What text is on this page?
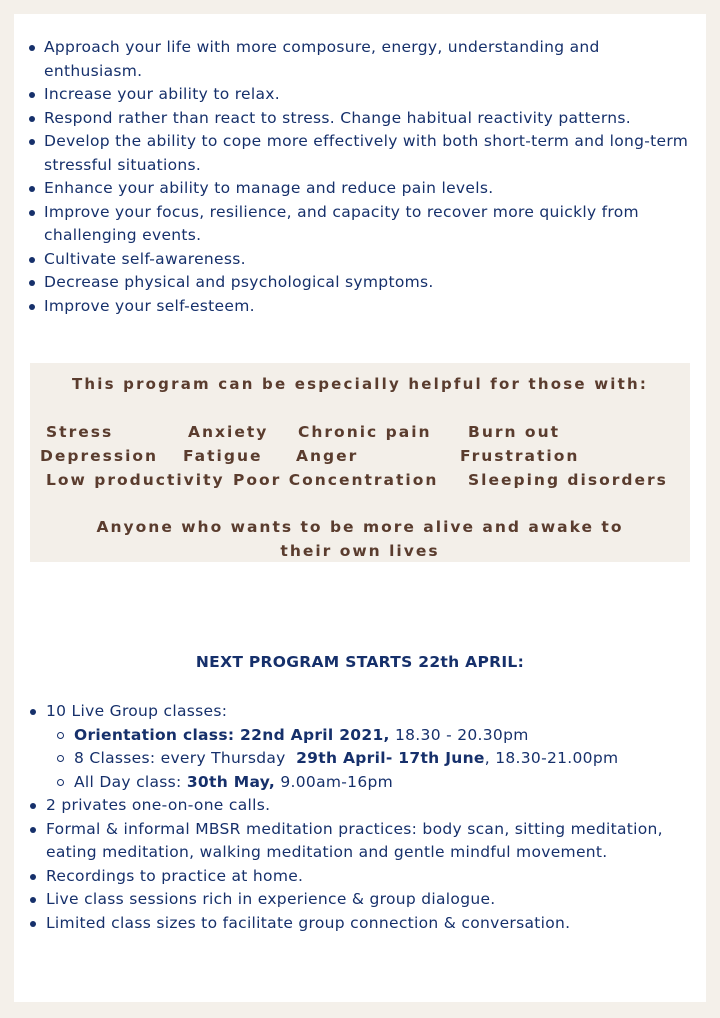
Approach your life with more composure, energy, understanding and enthusiasm.
Increase your ability to relax.
Respond rather than react to stress. Change habitual reactivity patterns.
Develop the ability to cope more effectively with both short-term and long-term stressful situations.
Enhance your ability to manage and reduce pain levels.
Improve your focus, resilience, and capacity to recover more quickly from challenging events.
Cultivate self-awareness.
Decrease physical and psychological symptoms.
Improve your self-esteem.
This program can be especially helpful for those with:
Stress	Anxiety Chronic pain Burn out
Depression Fatigue Anger	Frustration
Low productivity Poor Concentration Sleeping disorders
Anyone who wants to be more alive and awake to their own lives
NEXT PROGRAM STARTS 22th APRIL:
10 Live Group classes:
Orientation class: 22nd April 2021, 18.30 - 20.30pm
8 Classes: every Thursday  29th April- 17th June, 18.30-21.00pm
All Day class: 30th May, 9.00am-16pm
2 privates one-on-one calls.
Formal & informal MBSR meditation practices: body scan, sitting meditation, eating meditation, walking meditation and gentle mindful movement.
Recordings to practice at home.
Live class sessions rich in experience & group dialogue.
Limited class sizes to facilitate group connection & conversation.
